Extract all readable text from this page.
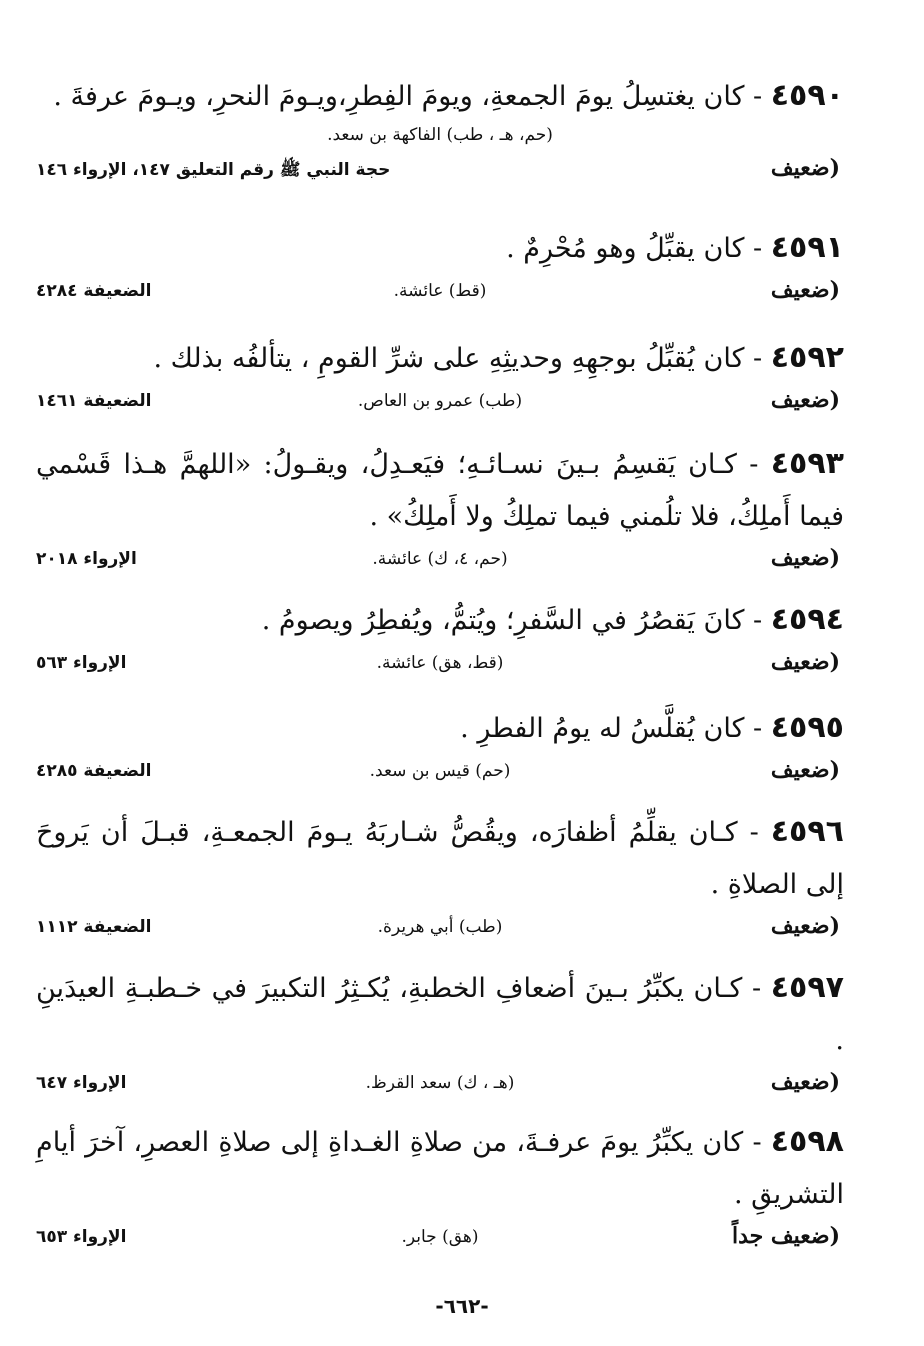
٤٥٩٠ - كان يغتسِلُ يومَ الجمعةِ، ويومَ الفِطرِ،ويـومَ النحرِ، ويـومَ عرفةَ .
(حم، هـ ، طب) الفاكهة بن سعد.
(ضعيف
حجة النبي ﷺ رقم التعليق ١٤٧، الإرواء ١٤٦
٤٥٩١ - كان يقبِّلُ وهو مُحْرِمٌ .
(ضعيف
(قط) عائشة.
الضعيفة ٤٢٨٤
٤٥٩٢ - كان يُقبِّلُ بوجهِهِ وحديثِهِ على شرِّ القومِ ، يتألفُه بذلك .
(ضعيف
(طب) عمرو بن العاص.
الضعيفة ١٤٦١
٤٥٩٣ - كـان يَقسِمُ بـينَ نسـائـهِ؛ فيَعـدِلُ، ويقـولُ: «اللهمَّ هـذا قَسْمي فيما أَملِكُ، فلا تلُمني فيما تملِكُ ولا أَملِكُ» .
(ضعيف
(حم، ٤، ك) عائشة.
الإرواء ٢٠١٨
٤٥٩٤ - كانَ يَقصُرُ في السَّفرِ؛ ويُتمُّ، ويُفطِرُ ويصومُ .
(ضعيف
(قط، هق) عائشة.
الإرواء ٥٦٣
٤٥٩٥ - كان يُقلَّسُ له يومُ الفطرِ .
(ضعيف
(حم) قيس بن سعد.
الضعيفة ٤٢٨٥
٤٥٩٦ - كـان يقلِّمُ أظفارَه، ويقُصُّ شـاربَهُ يـومَ الجمعـةِ، قبـلَ أن يَروحَ إلى الصلاةِ .
(ضعيف
(طب) أبي هريرة.
الضعيفة ١١١٢
٤٥٩٧ - كـان يكبِّرُ بـينَ أضعافِ الخطبةِ، يُكـثِرُ التكبيرَ في خـطبـةِ العيدَينِ .
(ضعيف
(هـ ، ك) سعد القرظ.
الإرواء ٦٤٧
٤٥٩٨ - كان يكبِّرُ يومَ عرفـةَ، من صلاةِ الغـداةِ إلى صلاةِ العصرِ، آخرَ أيامِ التشريقِ .
(ضعيف جداً
(هق) جابر.
الإرواء ٦٥٣
-٦٦٢-
